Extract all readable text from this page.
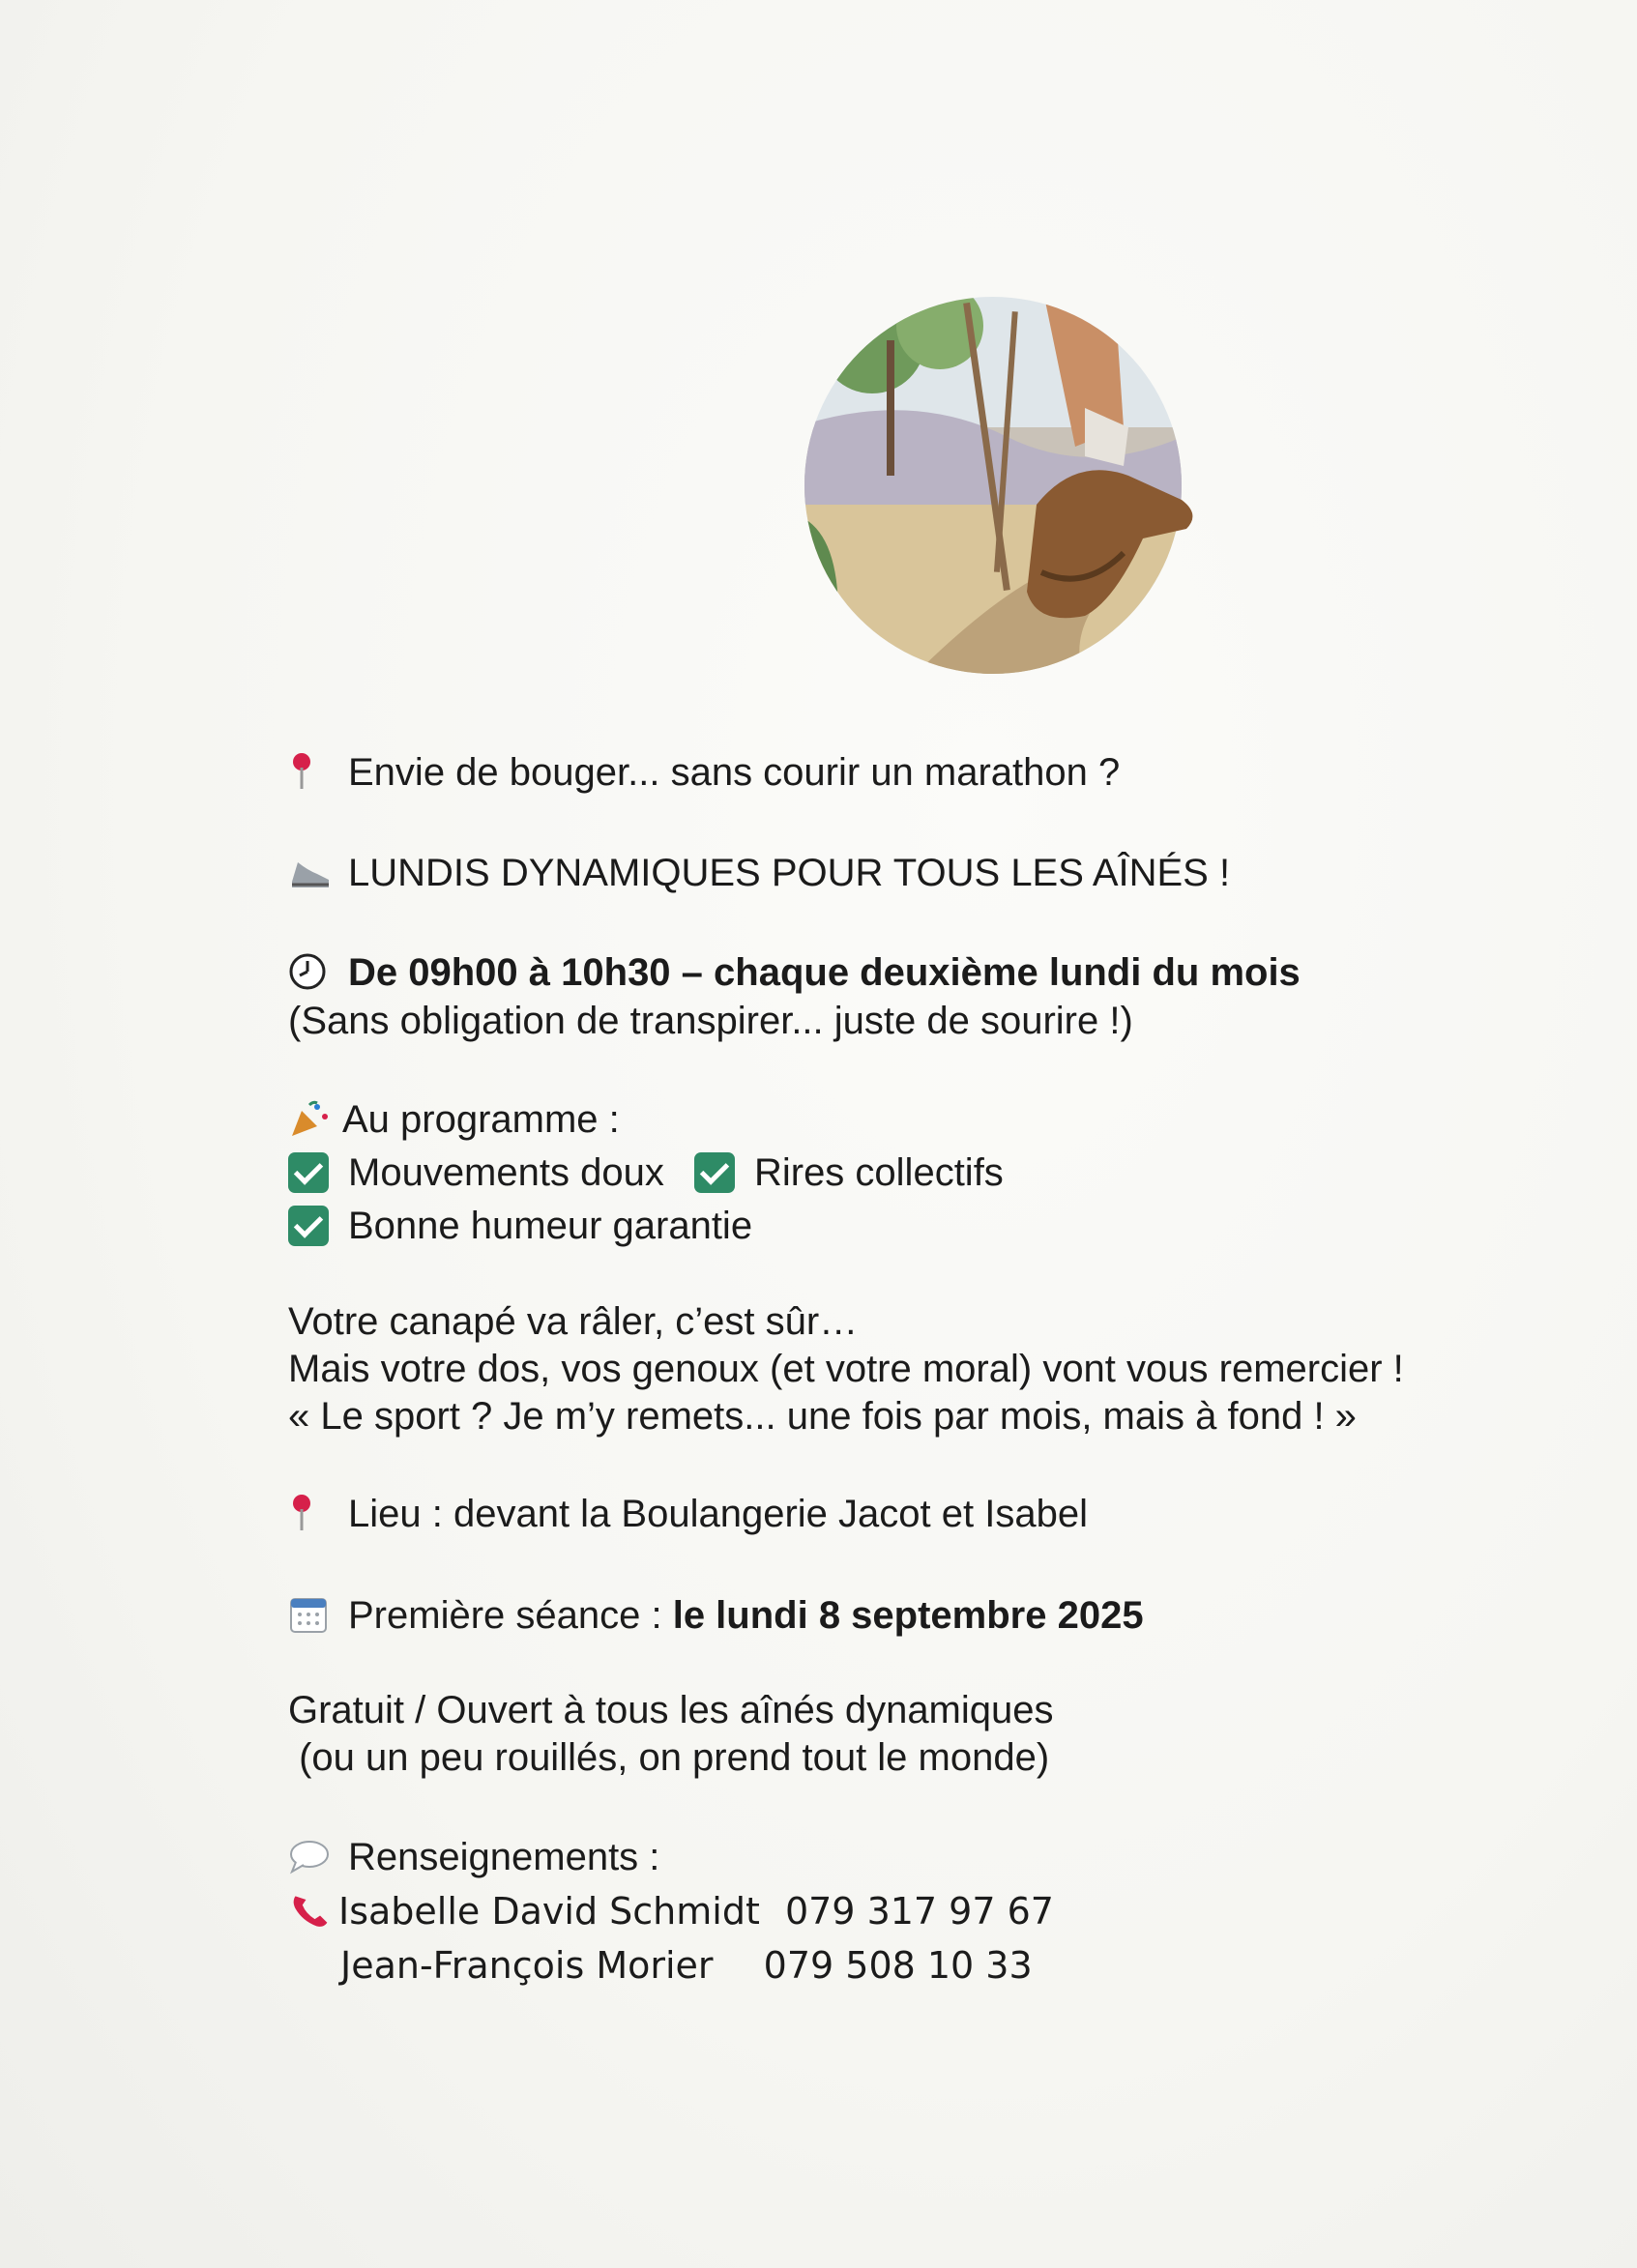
Envie de bouger... sans courir un marathon ?
LUNDIS DYNAMIQUES POUR TOUS LES AÎNÉS !
De 09h00 à 10h30 – chaque deuxième lundi du mois
(Sans obligation de transpirer... juste de sourire !)
Au programme :
Mouvements doux Rires collectifs
Bonne humeur garantie
Votre canapé va râler, c’est sûr…
Mais votre dos, vos genoux (et votre moral) vont vous remercier !
« Le sport ? Je m’y remets... une fois par mois, mais à fond ! »
Lieu : devant la Boulangerie Jacot et Isabel
Première séance : le lundi 8 septembre 2025
Gratuit / Ouvert à tous les aînés dynamiques
(ou un peu rouillés, on prend tout le monde)
Renseignements :
Isabelle David Schmidt 079 317 97 67
Jean-François Morier 079 508 10 33
